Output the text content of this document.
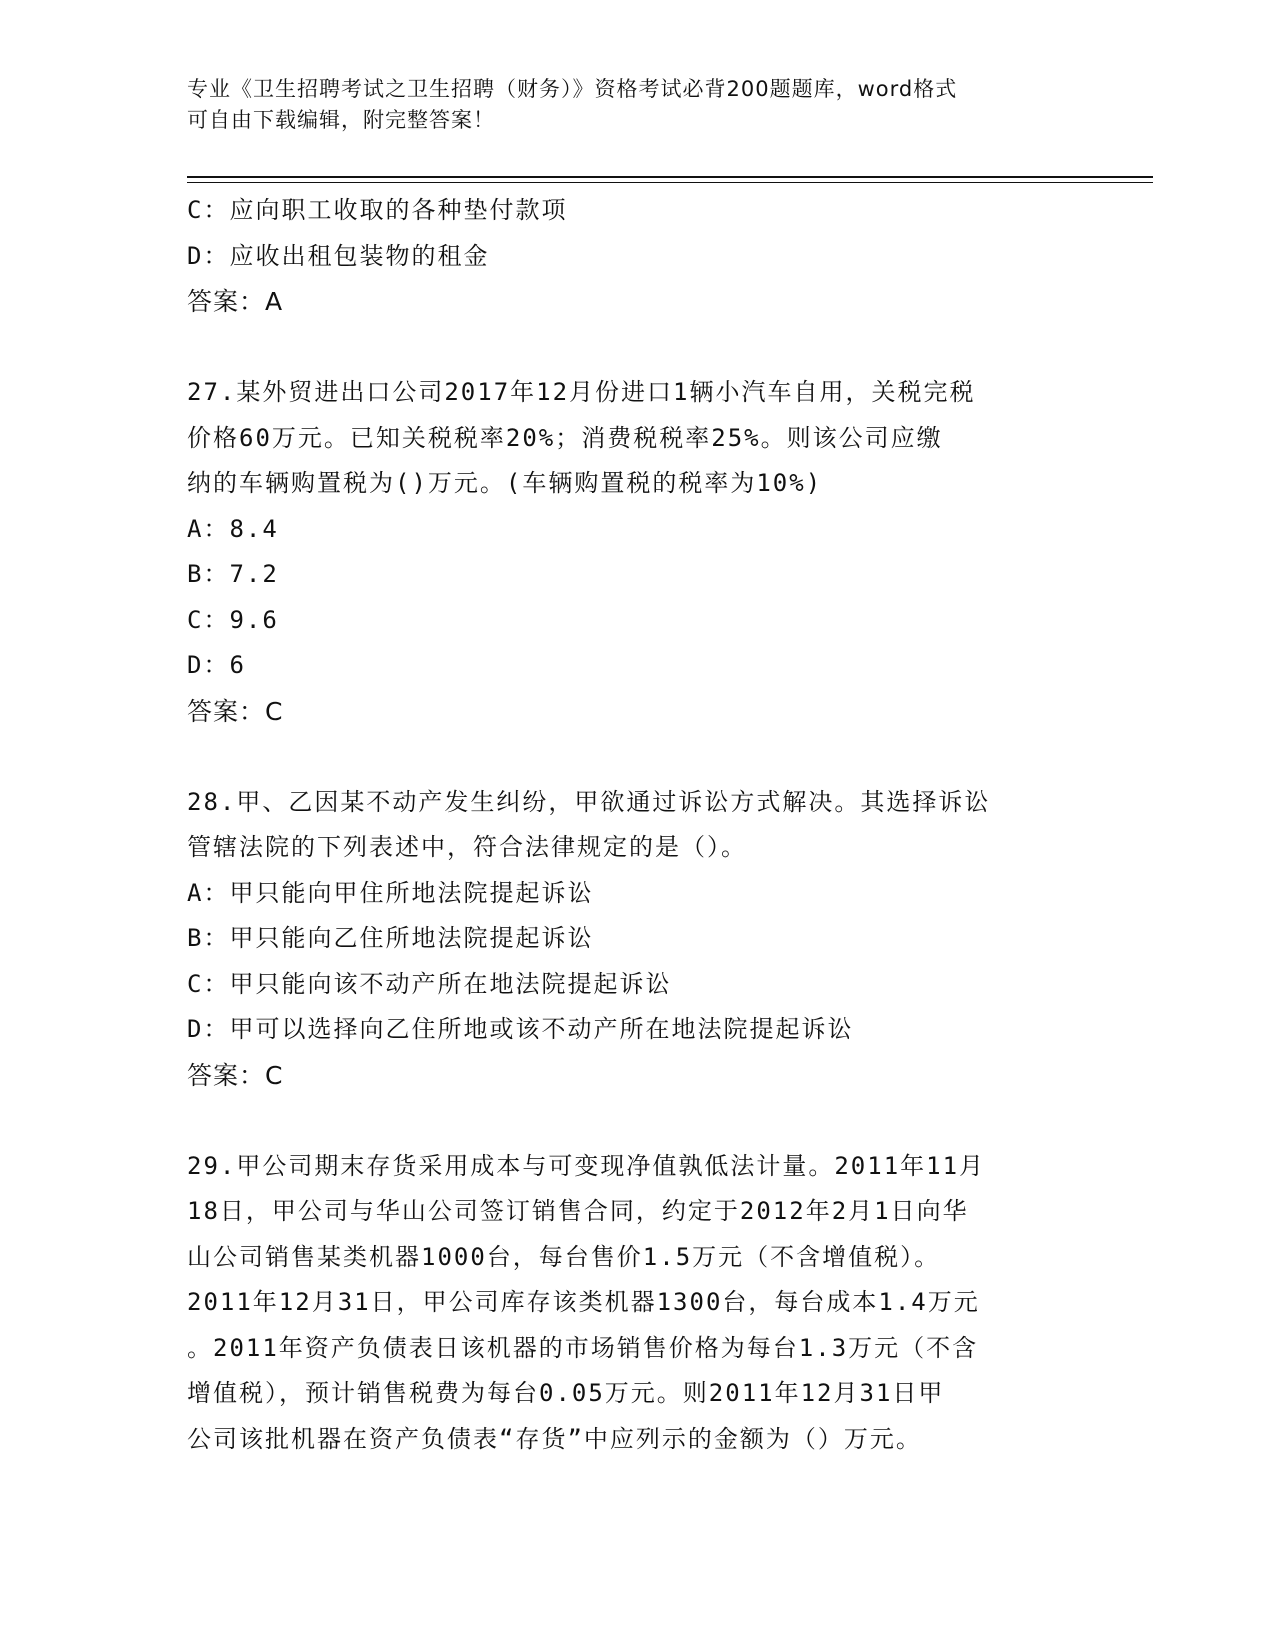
专业《卫生招聘考试之卫生招聘（财务）》资格考试必背200题题库，word格式
可自由下载编辑，附完整答案！
C：应向职工收取的各种垫付款项
D：应收出租包装物的租金
答案：A
27.某外贸进出口公司2017年12月份进口1辆小汽车自用，关税完税
价格60万元。已知关税税率20%；消费税税率25%。则该公司应缴
纳的车辆购置税为()万元。(车辆购置税的税率为10%)
A：8.4
B：7.2
C：9.6
D：6
答案：C
28.甲、乙因某不动产发生纠纷，甲欲通过诉讼方式解决。其选择诉讼
管辖法院的下列表述中，符合法律规定的是（）。
A：甲只能向甲住所地法院提起诉讼
B：甲只能向乙住所地法院提起诉讼
C：甲只能向该不动产所在地法院提起诉讼
D：甲可以选择向乙住所地或该不动产所在地法院提起诉讼
答案：C
29.甲公司期末存货采用成本与可变现净值孰低法计量。2011年11月
18日，甲公司与华山公司签订销售合同，约定于2012年2月1日向华
山公司销售某类机器1000台，每台售价1.5万元（不含增值税）。
2011年12月31日，甲公司库存该类机器1300台，每台成本1.4万元
。2011年资产负债表日该机器的市场销售价格为每台1.3万元（不含
增值税），预计销售税费为每台0.05万元。则2011年12月31日甲
公司该批机器在资产负债表“存货”中应列示的金额为（）万元。
